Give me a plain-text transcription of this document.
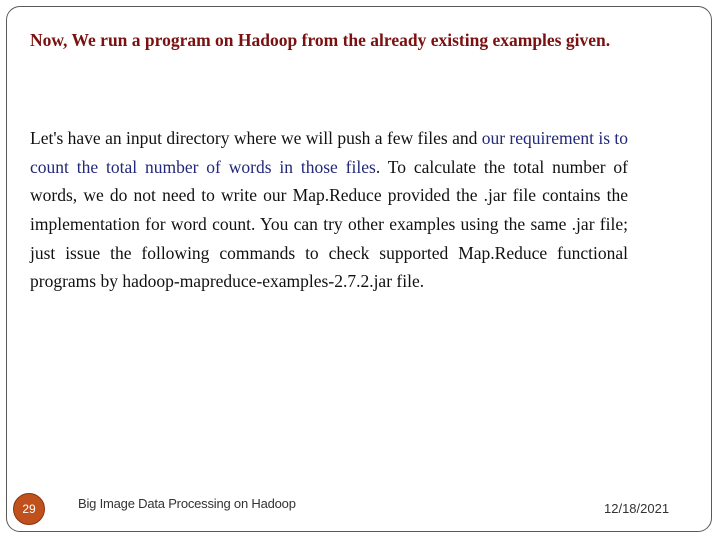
Now, We run a program on Hadoop from the already existing examples given.

Let's have an input directory where we will push a few files and our requirement is to count the total number of words in those files. To calculate the total number of words, we do not need to write our Map.Reduce provided the .jar file contains the implementation for word count. You can try other examples using the same .jar file; just issue the following commands to check supported Map.Reduce functional programs by hadoop-mapreduce-examples-2.7.2.jar file.

29	Big Image Data Processing on Hadoop	12/18/2021
